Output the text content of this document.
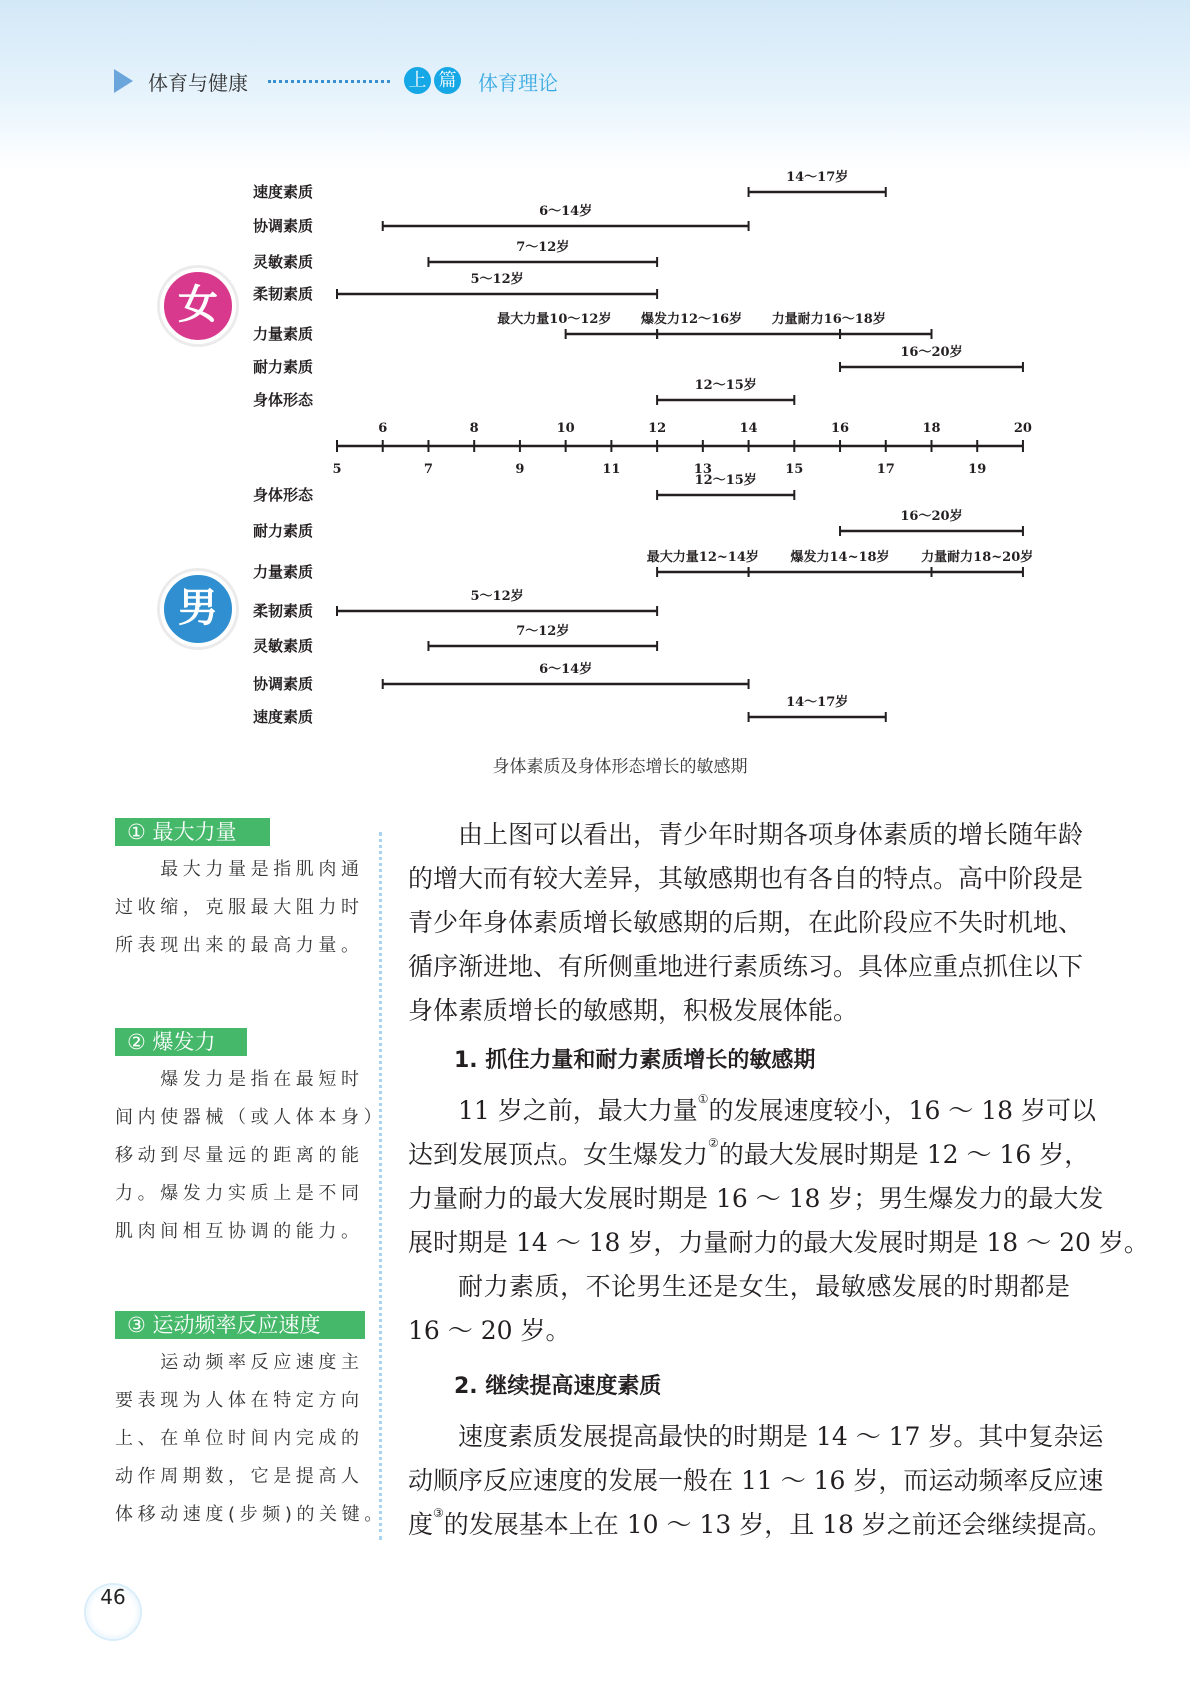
体育与健康	上 篇 体育理论
女
男
6	8	10	12	14	16	18	20
5	7	9	11	13	15	17	19
速度素质
14～17岁
协调素质
6～14岁
灵敏素质
7～12岁
柔韧素质
5～12岁
力量素质
最大力量10～12岁 爆发力12～16岁 力量耐力16～18岁
耐力素质
16～20岁
身体形态
12～15岁
身体形态
12～15岁
耐力素质
16～20岁
力量素质
最大力量12~14岁 爆发力14~18岁 力量耐力18~20岁
柔韧素质
5～12岁
灵敏素质
7～12岁
协调素质
6～14岁
速度素质
14～17岁
身体素质及身体形态增长的敏感期
① 最大力量
　　最大力量是指肌肉通
过收缩，克服最大阻力时
所表现出来的最高力量。
② 爆发力
　　爆发力是指在最短时
间内使器械（或人体本身）
移动到尽量远的距离的能
力。爆发力实质上是不同
肌肉间相互协调的能力。
③ 运动频率反应速度
　　运动频率反应速度主
要表现为人体在特定方向
上、在单位时间内完成的
动作周期数，它是提高人
体移动速度(步频)的关键。
由上图可以看出，青少年时期各项身体素质的增长随年龄
的增大而有较大差异，其敏感期也有各自的特点。高中阶段是
青少年身体素质增长敏感期的后期，在此阶段应不失时机地、
循序渐进地、有所侧重地进行素质练习。具体应重点抓住以下
身体素质增长的敏感期，积极发展体能。
1. 抓住力量和耐力素质增长的敏感期
11 岁之前，最大力量①的发展速度较小，16 ～ 18 岁可以
达到发展顶点。女生爆发力②的最大发展时期是 12 ～ 16 岁，
力量耐力的最大发展时期是 16 ～ 18 岁；男生爆发力的最大发
展时期是 14 ～ 18 岁，力量耐力的最大发展时期是 18 ～ 20 岁。
耐力素质，不论男生还是女生，最敏感发展的时期都是
16 ～ 20 岁。
2. 继续提高速度素质
速度素质发展提高最快的时期是 14 ～ 17 岁。其中复杂运
动顺序反应速度的发展一般在 11 ～ 16 岁，而运动频率反应速
度③的发展基本上在 10 ～ 13 岁，且 18 岁之前还会继续提高。
46
